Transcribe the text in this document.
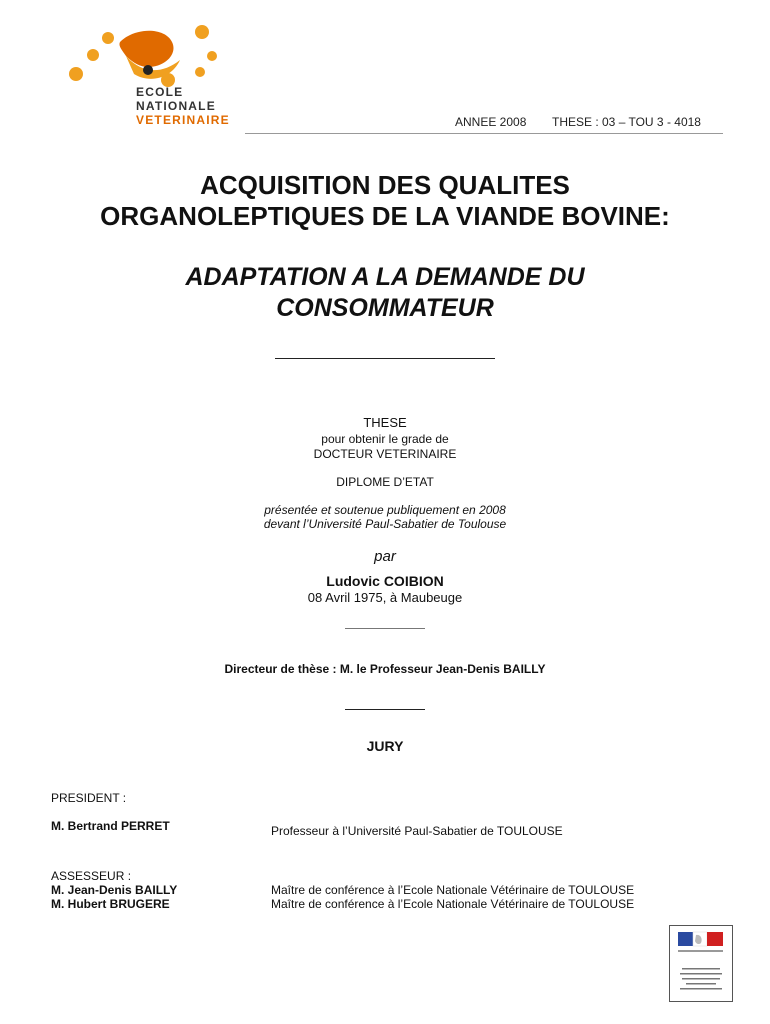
ECOLE
NATIONALE
VETERINAIRE	ANNEE 2008 THESE : 03 – TOU 3 - 4018
ACQUISITION DES QUALITES
ORGANOLEPTIQUES DE LA VIANDE BOVINE:
ADAPTATION A LA DEMANDE DU
CONSOMMATEUR
THESE
pour obtenir le grade de
DOCTEUR VETERINAIRE
DIPLOME D’ETAT
présentée et soutenue publiquement en 2008
devant l’Université Paul-Sabatier de Toulouse
par
Ludovic COIBION
08 Avril 1975, à Maubeuge
Directeur de thèse : M. le Professeur Jean-Denis BAILLY
JURY
PRESIDENT :
M. Bertrand PERRET	Professeur à l’Université Paul-Sabatier de TOULOUSE
ASSESSEUR :
M. Jean-Denis BAILLY	Maître de conférence à l’Ecole Nationale Vétérinaire de TOULOUSE
M. Hubert BRUGERE	Maître de conférence à l’Ecole Nationale Vétérinaire de TOULOUSE
